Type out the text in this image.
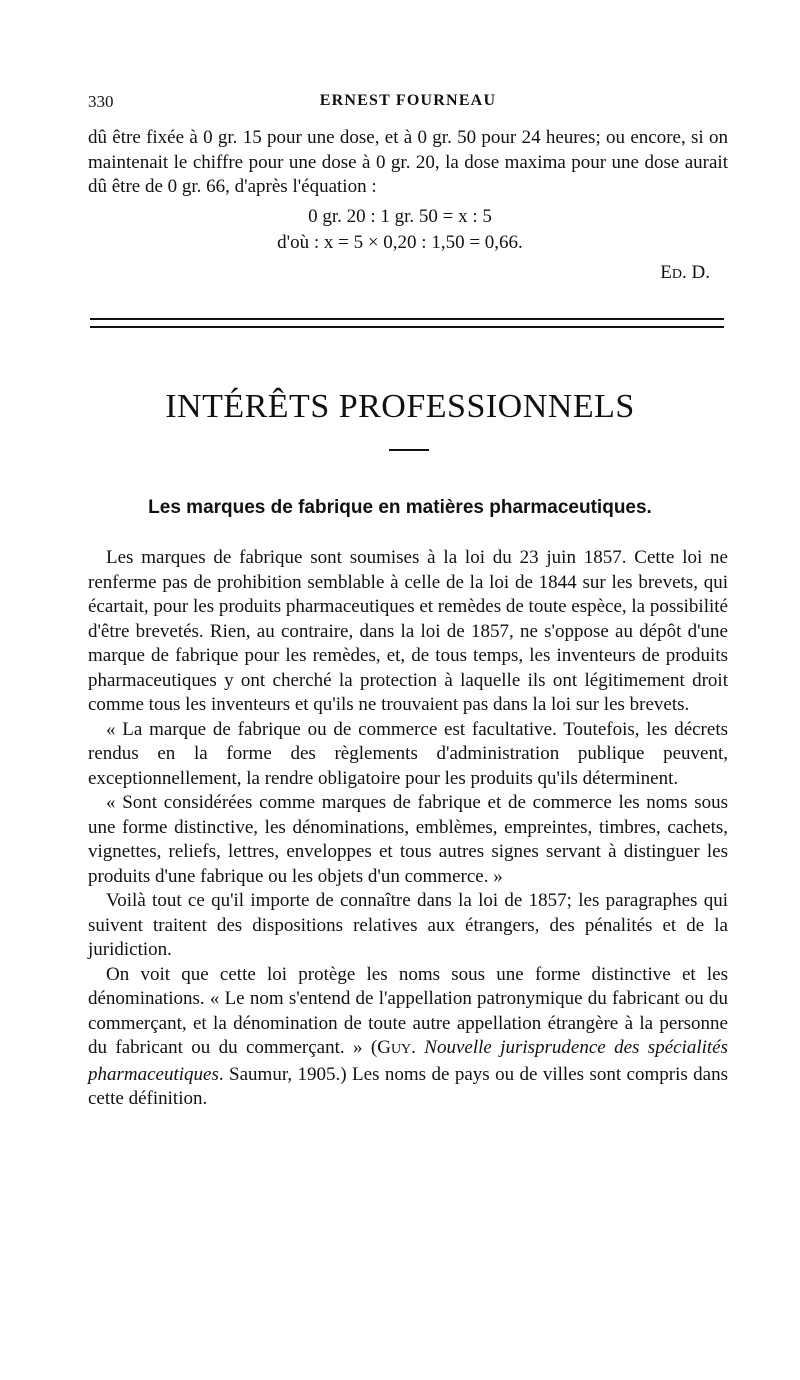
330	ERNEST FOURNEAU

dû être fixée à 0 gr. 15 pour une dose, et à 0 gr. 50 pour 24 heures; ou encore, si on maintenait le chiffre pour une dose à 0 gr. 20, la dose maxima pour une dose aurait dû être de 0 gr. 66, d'après l'équation :

0 gr. 20 : 1 gr. 50 = x : 5
d'où : x = 5 × 0,20 : 1,50 = 0,66.
ED. D.
INTÉRÊTS PROFESSIONNELS
Les marques de fabrique en matières pharmaceutiques.

Les marques de fabrique sont soumises à la loi du 23 juin 1857. Cette loi ne renferme pas de prohibition semblable à celle de la loi de 1844 sur les brevets, qui écartait, pour les produits pharmaceutiques et remèdes de toute espèce, la possibilité d'être brevetés. Rien, au contraire, dans la loi de 1857, ne s'oppose au dépôt d'une marque de fabrique pour les remèdes, et, de tous temps, les inventeurs de produits pharmaceutiques y ont cherché la protection à laquelle ils ont légitimement droit comme tous les inventeurs et qu'ils ne trouvaient pas dans la loi sur les brevets.

« La marque de fabrique ou de commerce est facultative. Toutefois, les décrets rendus en la forme des règlements d'administration publique peuvent, exceptionnellement, la rendre obligatoire pour les produits qu'ils déterminent.

« Sont considérées comme marques de fabrique et de commerce les noms sous une forme distinctive, les dénominations, emblèmes, empreintes, timbres, cachets, vignettes, reliefs, lettres, enveloppes et tous autres signes servant à distinguer les produits d'une fabrique ou les objets d'un commerce. »

Voilà tout ce qu'il importe de connaître dans la loi de 1857; les paragraphes qui suivent traitent des dispositions relatives aux étrangers, des pénalités et de la juridiction.

On voit que cette loi protège les noms sous une forme distinctive et les dénominations. « Le nom s'entend de l'appellation patronymique du fabricant ou du commerçant, et la dénomination de toute autre appellation étrangère à la personne du fabricant ou du commerçant. » (GUY. Nouvelle jurisprudence des spécialités pharmaceutiques. Saumur, 1905.) Les noms de pays ou de villes sont compris dans cette définition.
